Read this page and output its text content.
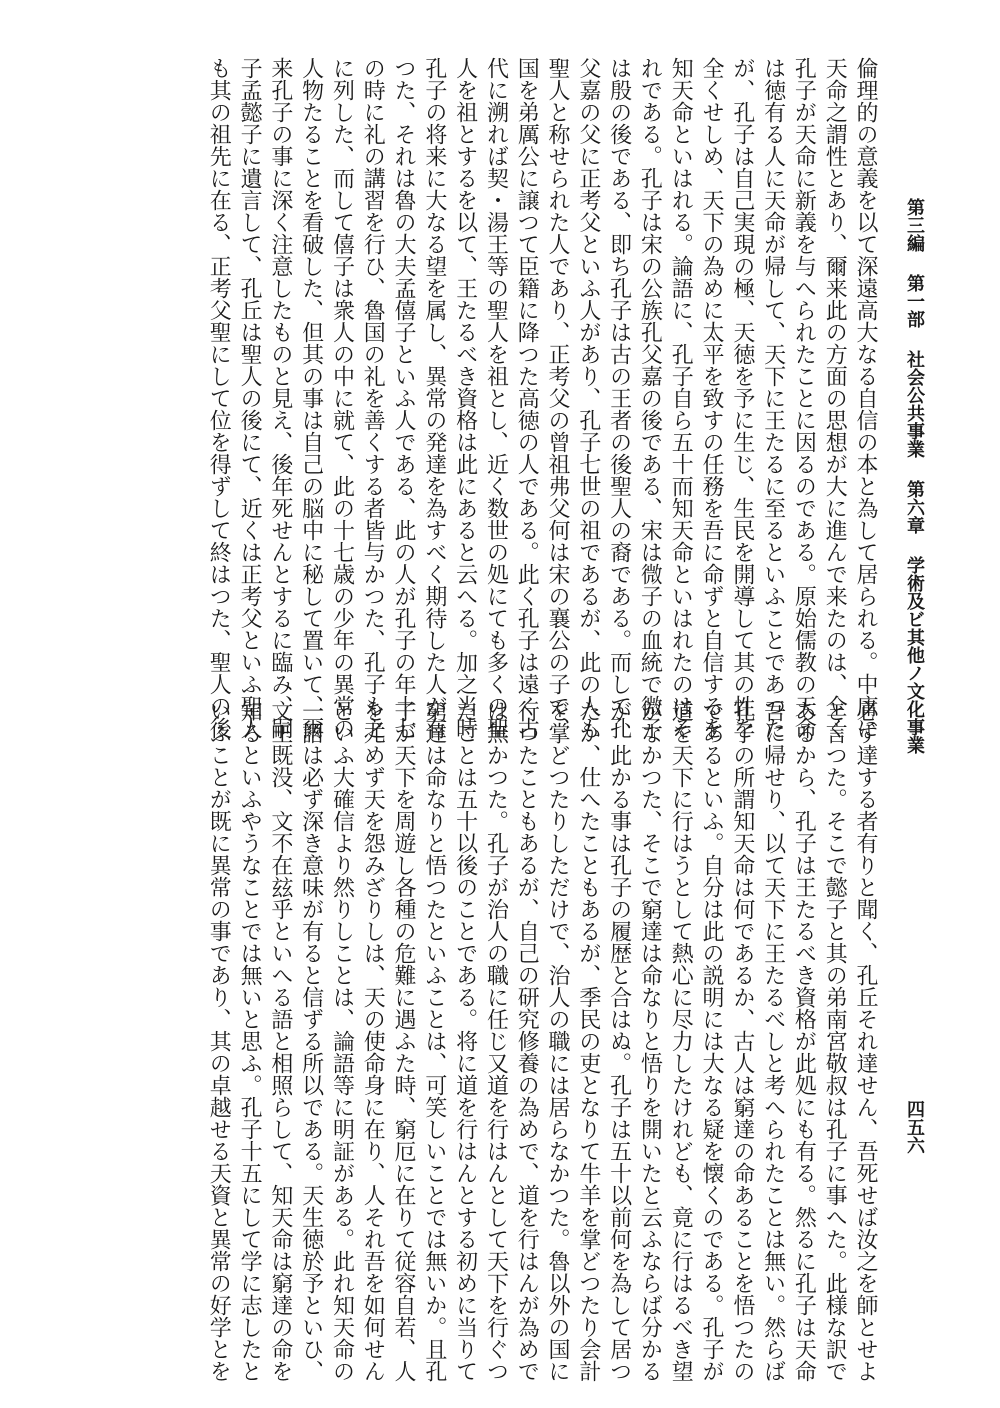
第三編第一部社会公共事業第六章学術及ビ其他ノ文化事業
四五六
倫理的の意義を以て深遠高大なる自信の本と為して居られる。中庸に
天命之謂性とあり、爾来此の方面の思想が大に進んで来たのは、全く
孔子が天命に新義を与へられたことに因るのである。原始儒教の天命
は徳有る人に天命が帰して、天下に王たるに至るといふことであつた
が、孔子は自己実現の極、天徳を予に生じ、生民を開導して其の性を
全くせしめ、天下の為めに太平を致すの任務を吾に命ずと自信するを
知天命といはれる。論語に、孔子自ら五十而知天命といはれたのはそ
れである。孔子は宋の公族孔父嘉の後である、宋は微子の血統で微子
は殷の後である、即ち孔子は古の王者の後聖人の裔である。而して孔
父嘉の父に正考父といふ人があり、孔子七世の祖であるが、此の人も
聖人と称せられた人であり、正考父の曾祖弗父何は宋の襄公の子で、
国を弟厲公に譲つて臣籍に降つた高徳の人である。此く孔子は遠く古
代に溯れば契・湯王等の聖人を祖とし、近く数世の処にても多くの聖
人を祖とするを以て、王たるべき資格は此にあると云へる。加之当時
孔子の将来に大なる望を属し、異常の発達を為すべく期待した人が有
つた、それは魯の大夫孟僖子といふ人である、此の人が孔子の年十七
の時に礼の講習を行ひ、魯国の礼を善くする者皆与かつた、孔子も之
に列した、而して僖子は衆人の中に就て、此の十七歳の少年の異常の
人物たることを看破した、但其の事は自己の脳中に秘して置いて、爾
来孔子の事に深く注意したものと見え、後年死せんとするに臨み、嗣
子孟懿子に遺言して、孔丘は聖人の後にて、近くは正考父といふ聖人
も其の祖先に在る、正考父聖にして位を得ずして終はつた、聖人の後
必ず達する者有りと聞く、孔丘それ達せん、吾死せば汝之を師とせよ
と言つた。そこで懿子と其の弟南宮敬叔は孔子に事へた。此様な訳で
あるから、孔子は王たるべき資格が此処にも有る。然るに孔子は天命
吾に帰せり、以て天下に王たるべしと考へられたことは無い。然らば
孔子の所謂知天命は何であるか、古人は窮達の命あることを悟つたの
であるといふ。自分は此の説明には大なる疑を懐くのである。孔子が
道を天下に行はうとして熱心に尽力したけれども、竟に行はるべき望
がなかつた、そこで窮達は命なりと悟りを開いたと云ふならば分かる
が、此かる事は孔子の履歴と合はぬ。孔子は五十以前何を為して居つ
たか、仕へたこともあるが、季民の吏となりて牛羊を掌どつたり会計
を掌どつたりしただけで、治人の職には居らなかつた。魯以外の国に
行つたこともあるが、自己の研究修養の為めで、道を行はんが為めで
は無かつた。孔子が治人の職に任じ又道を行はんとして天下を行ぐつ
たことは五十以後のことである。将に道を行はんとする初めに当りて
窮達は命なりと悟つたといふことは、可笑しいことでは無いか。且孔
子が天下を周遊し各種の危難に遇ふた時、窮厄に在りて従容自若、人
を尤めず天を怨みざりしは、天の使命身に在り、人それ吾を如何せん
といふ大確信より然りしことは、論語等に明証がある。此れ知天命の
一語は必ず深き意味が有ると信ずる所以である。天生徳於予といひ、
文王既没、文不在玆乎といへる語と相照らして、知天命は窮達の命を
知るといふやうなことでは無いと思ふ。孔子十五にして学に志したと
いふことが既に異常の事であり、其の卓越せる天資と異常の好学とを
